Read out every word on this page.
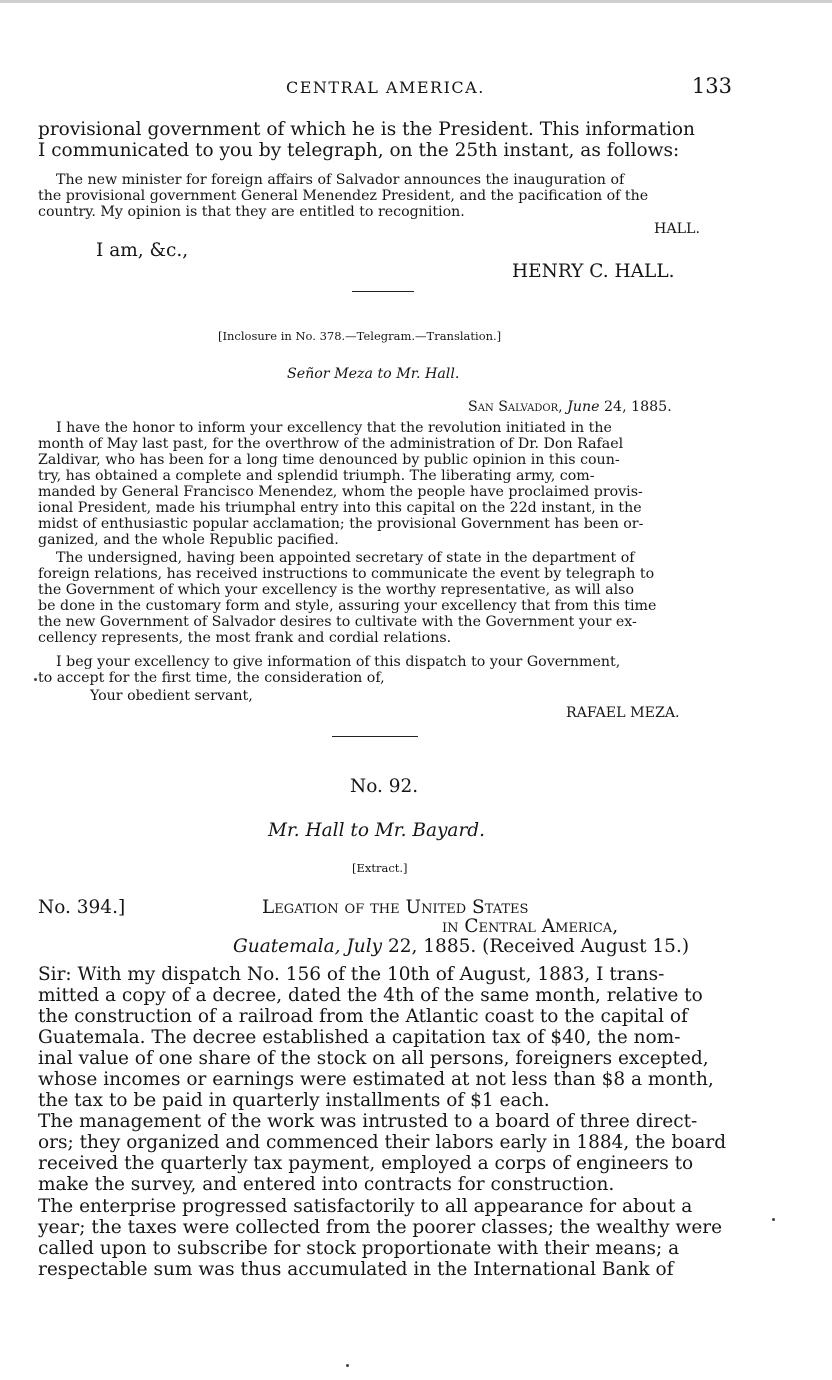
CENTRAL AMERICA.	133
provisional government of which he is the President. This information
I communicated to you by telegraph, on the 25th instant, as follows:
The new minister for foreign affairs of Salvador announces the inauguration of
the provisional government General Menendez President, and the pacification of the
country. My opinion is that they are entitled to recognition.
HALL.
I am, &c.,
HENRY C. HALL.
[Inclosure in No. 378.—Telegram.—Translation.]
Señor Meza to Mr. Hall.
San Salvador, June 24, 1885.
I have the honor to inform your excellency that the revolution initiated in the
month of May last past, for the overthrow of the administration of Dr. Don Rafael
Zaldivar, who has been for a long time denounced by public opinion in this coun-
try, has obtained a complete and splendid triumph. The liberating army, com-
manded by General Francisco Menendez, whom the people have proclaimed provis-
ional President, made his triumphal entry into this capital on the 22d instant, in the
midst of enthusiastic popular acclamation; the provisional Government has been or-
ganized, and the whole Republic pacified.
The undersigned, having been appointed secretary of state in the department of
foreign relations, has received instructions to communicate the event by telegraph to
the Government of which your excellency is the worthy representative, as will also
be done in the customary form and style, assuring your excellency that from this time
the new Government of Salvador desires to cultivate with the Government your ex-
cellency represents, the most frank and cordial relations.
I beg your excellency to give information of this dispatch to your Government,
to accept for the first time, the consideration of,
Your obedient servant,
RAFAEL MEZA.
No. 92.
Mr. Hall to Mr. Bayard.
[Extract.]
No. 394.]	Legation of the United States
in Central America,
Guatemala, July 22, 1885. (Received August 15.)
Sir: With my dispatch No. 156 of the 10th of August, 1883, I trans-
mitted a copy of a decree, dated the 4th of the same month, relative to
the construction of a railroad from the Atlantic coast to the capital of
Guatemala. The decree established a capitation tax of $40, the nom-
inal value of one share of the stock on all persons, foreigners excepted,
whose incomes or earnings were estimated at not less than $8 a month,
the tax to be paid in quarterly installments of $1 each.
The management of the work was intrusted to a board of three direct-
ors; they organized and commenced their labors early in 1884, the board
received the quarterly tax payment, employed a corps of engineers to
make the survey, and entered into contracts for construction.
The enterprise progressed satisfactorily to all appearance for about a
year; the taxes were collected from the poorer classes; the wealthy were
called upon to subscribe for stock proportionate with their means; a
respectable sum was thus accumulated in the International Bank of
